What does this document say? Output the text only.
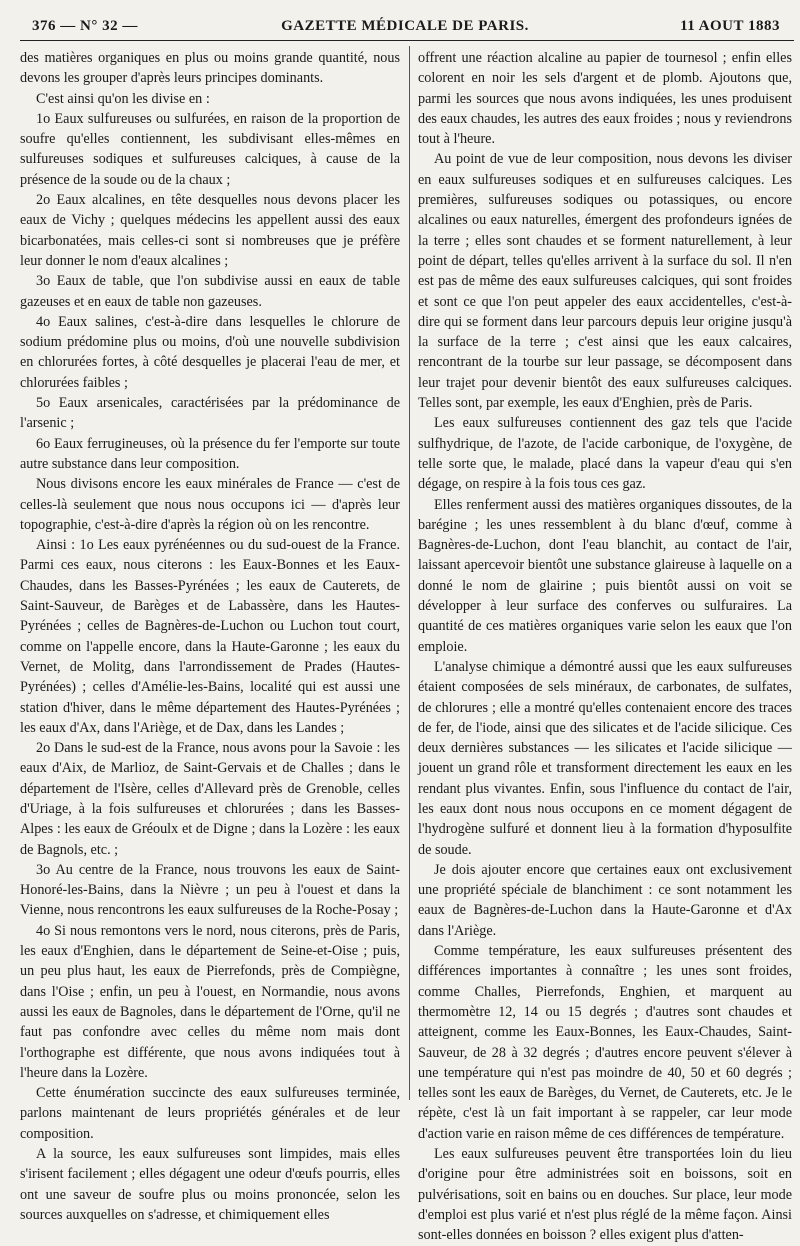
376 — N° 32 —	GAZETTE MÉDICALE DE PARIS.	11 AOUT 1883

des matières organiques en plus ou moins grande quantité, nous devons les grouper d'après leurs principes dominants.

C'est ainsi qu'on les divise en :

1o Eaux sulfureuses ou sulfurées, en raison de la proportion de soufre qu'elles contiennent, les subdivisant elles-mêmes en sulfureuses sodiques et sulfureuses calciques, à cause de la présence de la soude ou de la chaux ;

2o Eaux alcalines, en tête desquelles nous devons placer les eaux de Vichy ; quelques médecins les appellent aussi des eaux bicarbonatées, mais celles-ci sont si nombreuses que je préfère leur donner le nom d'eaux alcalines ;

3o Eaux de table, que l'on subdivise aussi en eaux de table gazeuses et en eaux de table non gazeuses.

4o Eaux salines, c'est-à-dire dans lesquelles le chlorure de sodium prédomine plus ou moins, d'où une nouvelle subdivision en chlorurées fortes, à côté desquelles je placerai l'eau de mer, et chlorurées faibles ;

5o Eaux arsenicales, caractérisées par la prédominance de l'arsenic ;

6o Eaux ferrugineuses, où la présence du fer l'emporte sur toute autre substance dans leur composition.

Nous divisons encore les eaux minérales de France — c'est de celles-là seulement que nous nous occupons ici — d'après leur topographie, c'est-à-dire d'après la région où on les rencontre.

Ainsi : 1o Les eaux pyrénéennes ou du sud-ouest de la France. Parmi ces eaux, nous citerons : les Eaux-Bonnes et les Eaux-Chaudes, dans les Basses-Pyrénées ; les eaux de Cauterets, de Saint-Sauveur, de Barèges et de Labassère, dans les Hautes-Pyrénées ; celles de Bagnères-de-Luchon ou Luchon tout court, comme on l'appelle encore, dans la Haute-Garonne ; les eaux du Vernet, de Molitg, dans l'arrondissement de Prades (Hautes-Pyrénées) ; celles d'Amélie-les-Bains, localité qui est aussi une station d'hiver, dans le même département des Hautes-Pyrénées ; les eaux d'Ax, dans l'Ariège, et de Dax, dans les Landes ;

2o Dans le sud-est de la France, nous avons pour la Savoie : les eaux d'Aix, de Marlioz, de Saint-Gervais et de Challes ; dans le département de l'Isère, celles d'Allevard près de Grenoble, celles d'Uriage, à la fois sulfureuses et chlorurées ; dans les Basses-Alpes : les eaux de Gréoulx et de Digne ; dans la Lozère : les eaux de Bagnols, etc. ;

3o Au centre de la France, nous trouvons les eaux de Saint-Honoré-les-Bains, dans la Nièvre ; un peu à l'ouest et dans la Vienne, nous rencontrons les eaux sulfureuses de la Roche-Posay ;

4o Si nous remontons vers le nord, nous citerons, près de Paris, les eaux d'Enghien, dans le département de Seine-et-Oise ; puis, un peu plus haut, les eaux de Pierrefonds, près de Compiègne, dans l'Oise ; enfin, un peu à l'ouest, en Normandie, nous avons aussi les eaux de Bagnoles, dans le département de l'Orne, qu'il ne faut pas confondre avec celles du même nom mais dont l'orthographe est différente, que nous avons indiquées tout à l'heure dans la Lozère.

Cette énumération succincte des eaux sulfureuses terminée, parlons maintenant de leurs propriétés générales et de leur composition.

A la source, les eaux sulfureuses sont limpides, mais elles s'irisent facilement ; elles dégagent une odeur d'œufs pourris, elles ont une saveur de soufre plus ou moins prononcée, selon les sources auxquelles on s'adresse, et chimiquement elles

offrent une réaction alcaline au papier de tournesol ; enfin elles colorent en noir les sels d'argent et de plomb. Ajoutons que, parmi les sources que nous avons indiquées, les unes produisent des eaux chaudes, les autres des eaux froides ; nous y reviendrons tout à l'heure.

Au point de vue de leur composition, nous devons les diviser en eaux sulfureuses sodiques et en sulfureuses calciques. Les premières, sulfureuses sodiques ou potassiques, ou encore alcalines ou eaux naturelles, émergent des profondeurs ignées de la terre ; elles sont chaudes et se forment naturellement, à leur point de départ, telles qu'elles arrivent à la surface du sol. Il n'en est pas de même des eaux sulfureuses calciques, qui sont froides et sont ce que l'on peut appeler des eaux accidentelles, c'est-à-dire qui se forment dans leur parcours depuis leur origine jusqu'à la surface de la terre ; c'est ainsi que les eaux calcaires, rencontrant de la tourbe sur leur passage, se décomposent dans leur trajet pour devenir bientôt des eaux sulfureuses calciques. Telles sont, par exemple, les eaux d'Enghien, près de Paris.

Les eaux sulfureuses contiennent des gaz tels que l'acide sulfhydrique, de l'azote, de l'acide carbonique, de l'oxygène, de telle sorte que, le malade, placé dans la vapeur d'eau qui s'en dégage, on respire à la fois tous ces gaz.

Elles renferment aussi des matières organiques dissoutes, de la barégine ; les unes ressemblent à du blanc d'œuf, comme à Bagnères-de-Luchon, dont l'eau blanchit, au contact de l'air, laissant apercevoir bientôt une substance glaireuse à laquelle on a donné le nom de glairine ; puis bientôt aussi on voit se développer à leur surface des conferves ou sulfuraires. La quantité de ces matières organiques varie selon les eaux que l'on emploie.

L'analyse chimique a démontré aussi que les eaux sulfureuses étaient composées de sels minéraux, de carbonates, de sulfates, de chlorures ; elle a montré qu'elles contenaient encore des traces de fer, de l'iode, ainsi que des silicates et de l'acide silicique. Ces deux dernières substances — les silicates et l'acide silicique — jouent un grand rôle et transforment directement les eaux en les rendant plus vivantes. Enfin, sous l'influence du contact de l'air, les eaux dont nous nous occupons en ce moment dégagent de l'hydrogène sulfuré et donnent lieu à la formation d'hyposulfite de soude.

Je dois ajouter encore que certaines eaux ont exclusivement une propriété spéciale de blanchiment : ce sont notamment les eaux de Bagnères-de-Luchon dans la Haute-Garonne et d'Ax dans l'Ariège.

Comme température, les eaux sulfureuses présentent des différences importantes à connaître ; les unes sont froides, comme Challes, Pierrefonds, Enghien, et marquent au thermomètre 12, 14 ou 15 degrés ; d'autres sont chaudes et atteignent, comme les Eaux-Bonnes, les Eaux-Chaudes, Saint-Sauveur, de 28 à 32 degrés ; d'autres encore peuvent s'élever à une température qui n'est pas moindre de 40, 50 et 60 degrés ; telles sont les eaux de Barèges, du Vernet, de Cauterets, etc. Je le répète, c'est là un fait important à se rappeler, car leur mode d'action varie en raison même de ces différences de température.

Les eaux sulfureuses peuvent être transportées loin du lieu d'origine pour être administrées soit en boissons, soit en pulvérisations, soit en bains ou en douches. Sur place, leur mode d'emploi est plus varié et n'est plus réglé de la même façon. Ainsi sont-elles données en boisson ? elles exigent plus d'atten-
